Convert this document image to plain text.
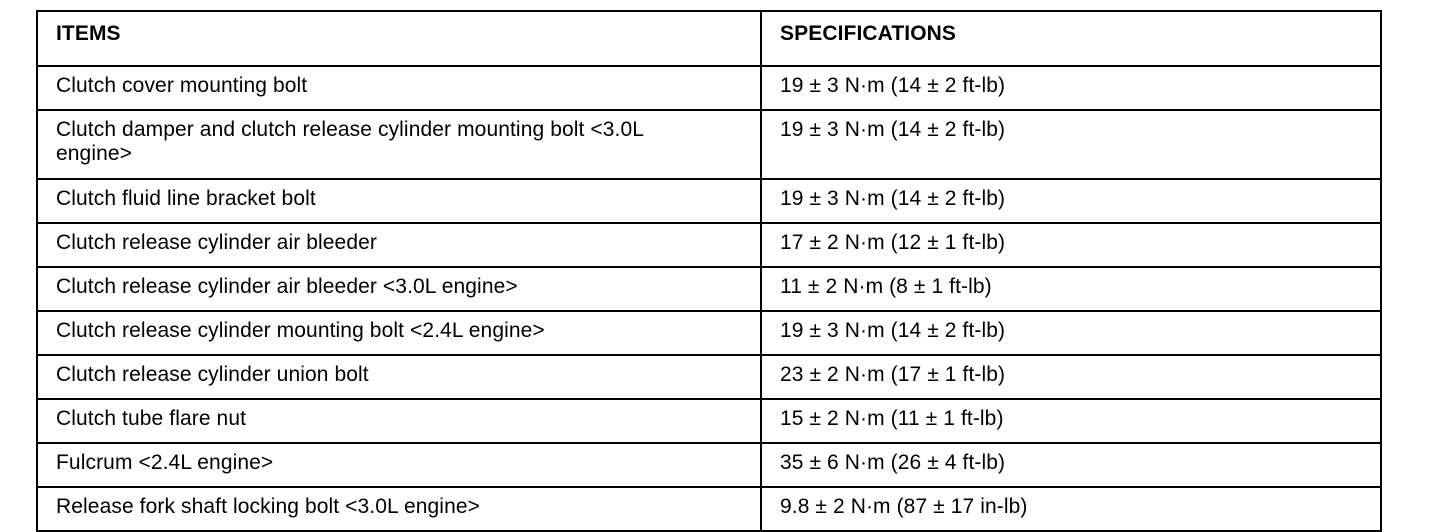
ITEMS	SPECIFICATIONS
Clutch cover mounting bolt	19 ± 3 N·m (14 ± 2 ft-lb)
Clutch damper and clutch release cylinder mounting bolt <3.0L engine>	19 ± 3 N·m (14 ± 2 ft-lb)
Clutch fluid line bracket bolt	19 ± 3 N·m (14 ± 2 ft-lb)
Clutch release cylinder air bleeder	17 ± 2 N·m (12 ± 1 ft-lb)
Clutch release cylinder air bleeder <3.0L engine>	11 ± 2 N·m (8 ± 1 ft-lb)
Clutch release cylinder mounting bolt <2.4L engine>	19 ± 3 N·m (14 ± 2 ft-lb)
Clutch release cylinder union bolt	23 ± 2 N·m (17 ± 1 ft-lb)
Clutch tube flare nut	15 ± 2 N·m (11 ± 1 ft-lb)
Fulcrum <2.4L engine>	35 ± 6 N·m (26 ± 4 ft-lb)
Release fork shaft locking bolt <3.0L engine>	9.8 ± 2 N·m (87 ± 17 in-lb)
